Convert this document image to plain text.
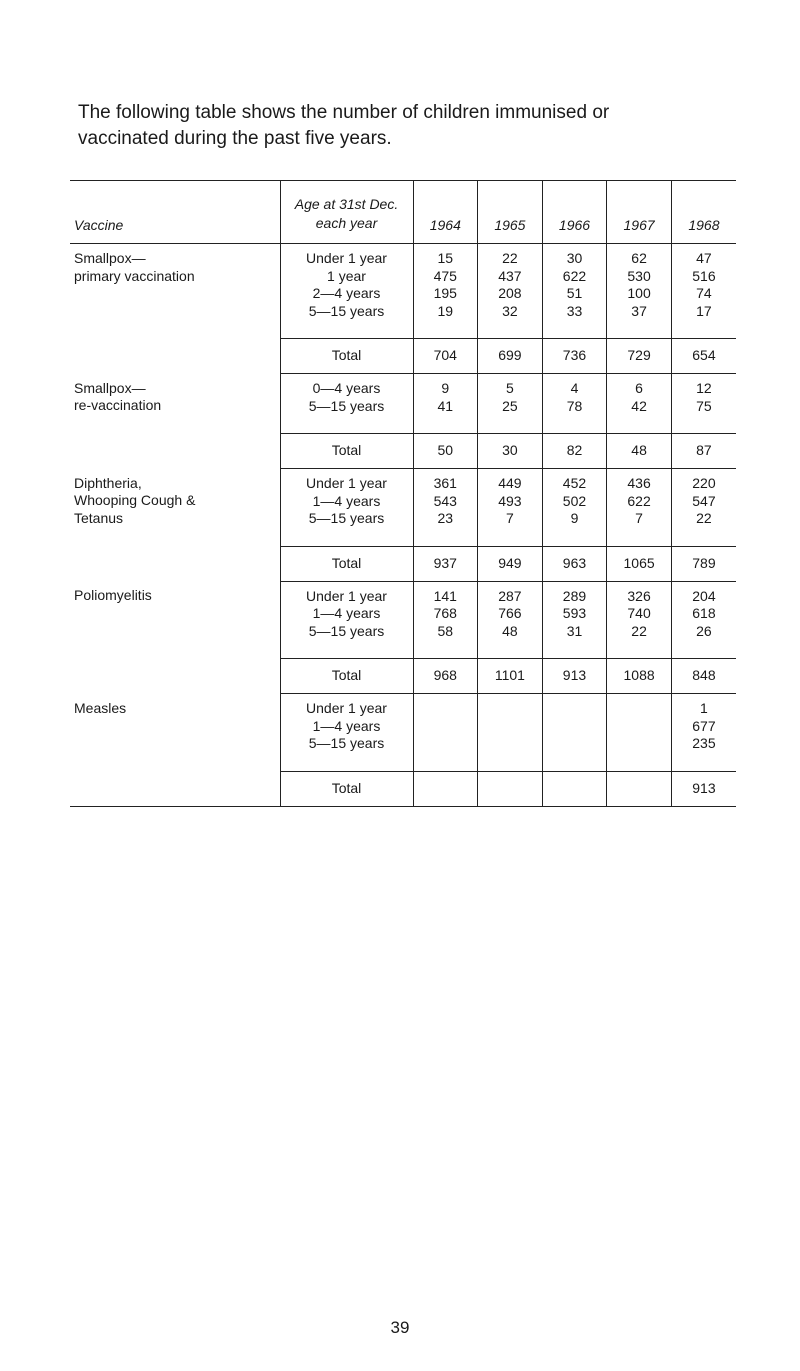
The following table shows the number of children immunised or

vaccinated during the past five years.

Vaccine	Age at 31st Dec.
each year	1964	1965	1966	1967	1968

Smallpox—
primary vaccination	Under 1 year
1 year
2—4 years
5—15 years	15
475
195
19	22
437
208
32	30
622
51
33	62
530
100
37	47
516
74
17

	Total	704	699	736	729	654

Smallpox—
re-vaccination	0—4 years
5—15 years	9
41	5
25	4
78	6
42	12
75

	Total	50	30	82	48	87

Diphtheria,
Whooping Cough &
Tetanus	Under 1 year
1—4 years
5—15 years	361
543
23	449
493
7	452
502
9	436
622
7	220
547
22

	Total	937	949	963	1065	789

Poliomyelitis	Under 1 year
1—4 years
5—15 years	141
768
58	287
766
48	289
593
31	326
740
22	204
618
26

	Total	968	1101	913	1088	848

Measles	Under 1 year
1—4 years
5—15 years					1
677
235

	Total					913
39
